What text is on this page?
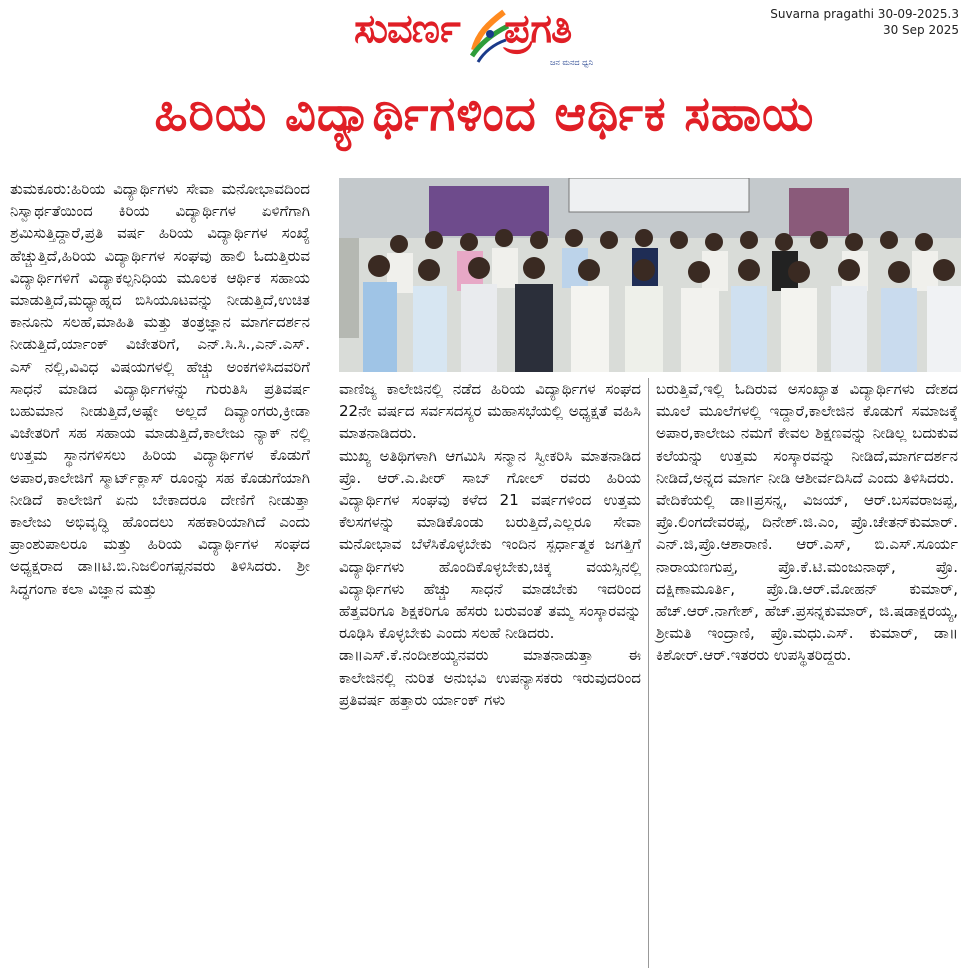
ಸುವರ್ಣ ಪ್ರಗತಿ
ಜನ ಮನದ ಧ್ವನಿ
Suvarna pragathi 30-09-2025.3
30 Sep 2025
ಹಿರಿಯ ವಿದ್ಯಾರ್ಥಿಗಳಿಂದ ಆರ್ಥಿಕ ಸಹಾಯ

ತುಮಕೂರು:ಹಿರಿಯ ವಿದ್ಯಾರ್ಥಿಗಳು ಸೇವಾ ಮನೋಭಾವದಿಂದ ನಿಸ್ವಾರ್ಥತೆಯಿಂದ ಕಿರಿಯ ವಿದ್ಯಾರ್ಥಿಗಳ ಏಳಿಗೆಗಾಗಿ ಶ್ರಮಿಸುತ್ತಿದ್ದಾರೆ,ಪ್ರತಿ ವರ್ಷ ಹಿರಿಯ ವಿದ್ಯಾರ್ಥಿಗಳ ಸಂಖ್ಯೆ ಹೆಚ್ಚುತ್ತಿದೆ,ಹಿರಿಯ ವಿದ್ಯಾರ್ಥಿಗಳ ಸಂಘವು ಹಾಲಿ ಓದುತ್ತಿರುವ ವಿದ್ಯಾರ್ಥಿಗಳಿಗೆ ವಿದ್ಯಾಕಲ್ಪನಿಧಿಯ ಮೂಲಕ ಆರ್ಥಿಕ ಸಹಾಯ ಮಾಡುತ್ತಿದೆ,ಮಧ್ಯಾಹ್ನದ ಬಿಸಿಯೂಟವನ್ನು ನೀಡುತ್ತಿದೆ,ಉಚಿತ ಕಾನೂನು ಸಲಹೆ,ಮಾಹಿತಿ ಮತ್ತು ತಂತ್ರಜ್ಞಾನ ಮಾರ್ಗದರ್ಶನ ನೀಡುತ್ತಿದೆ,ರ್ಯಾಂಕ್ ವಿಜೇತರಿಗೆ, ಎನ್.ಸಿ.ಸಿ.,ಎನ್.ಎಸ್. ಎಸ್ ನಲ್ಲಿ,ವಿವಿಧ ವಿಷಯಗಳಲ್ಲಿ ಹೆಚ್ಚು ಅಂಕಗಳಿಸಿದವರಿಗೆ ಸಾಧನೆ ಮಾಡಿದ ವಿದ್ಯಾರ್ಥಿಗಳನ್ನು ಗುರುತಿಸಿ ಪ್ರತಿವರ್ಷ ಬಹುಮಾನ ನೀಡುತ್ತಿದೆ,ಅಷ್ಟೇ ಅಲ್ಲದೆ ದಿವ್ಯಾಂಗರು,ಕ್ರೀಡಾ ವಿಜೇತರಿಗೆ ಸಹ ಸಹಾಯ ಮಾಡುತ್ತಿದೆ,ಕಾಲೇಜು ನ್ಯಾಕ್ ನಲ್ಲಿ ಉತ್ತಮ ಸ್ಥಾನಗಳಿಸಲು ಹಿರಿಯ ವಿದ್ಯಾರ್ಥಿಗಳ ಕೊಡುಗೆ ಅಪಾರ,ಕಾಲೇಜಿಗೆ ಸ್ಮಾರ್ಟ್‌ಕ್ಲಾಸ್ ರೂಂನ್ನು ಸಹ ಕೊಡುಗೆಯಾಗಿ ನೀಡಿದೆ ಕಾಲೇಜಿಗೆ ಏನು ಬೇಕಾದರೂ ದೇಣಿಗೆ ನೀಡುತ್ತಾ ಕಾಲೇಜು ಅಭಿವೃದ್ಧಿ ಹೊಂದಲು ಸಹಕಾರಿಯಾಗಿದೆ ಎಂದು ಪ್ರಾಂಶುಪಾಲರೂ ಮತ್ತು ಹಿರಿಯ ವಿದ್ಯಾರ್ಥಿಗಳ ಸಂಘದ ಅಧ್ಯಕ್ಷರಾದ ಡಾ॥ಟಿ.ಬಿ.ನಿಜಲಿಂಗಪ್ಪನವರು ತಿಳಿಸಿದರು. ಶ್ರೀ ಸಿದ್ಧಗಂಗಾ ಕಲಾ ವಿಜ್ಞಾನ ಮತ್ತು

ವಾಣಿಜ್ಯ ಕಾಲೇಜಿನಲ್ಲಿ ನಡೆದ ಹಿರಿಯ ವಿದ್ಯಾರ್ಥಿಗಳ ಸಂಘದ 22ನೇ ವರ್ಷದ ಸರ್ವಸದಸ್ಯರ ಮಹಾಸಭೆಯಲ್ಲಿ ಅಧ್ಯಕ್ಷತೆ ವಹಿಸಿ ಮಾತನಾಡಿದರು.

ಮುಖ್ಯ ಅತಿಥಿಗಳಾಗಿ ಆಗಮಿಸಿ ಸನ್ಮಾನ ಸ್ವೀಕರಿಸಿ ಮಾತನಾಡಿದ ಪ್ರೊ. ಆರ್.ಎ.ಪೀರ್ ಸಾಬ್ ಗೋಲ್ ರವರು ಹಿರಿಯ ವಿದ್ಯಾರ್ಥಿಗಳ ಸಂಘವು ಕಳೆದ 21 ವರ್ಷಗಳಿಂದ ಉತ್ತಮ ಕೆಲಸಗಳನ್ನು ಮಾಡಿಕೊಂಡು ಬರುತ್ತಿದೆ,ಎಲ್ಲರೂ ಸೇವಾ ಮನೋಭಾವ ಬೆಳೆಸಿಕೊಳ್ಳಬೇಕು ಇಂದಿನ ಸ್ಪರ್ಧಾತ್ಮಕ ಜಗತ್ತಿಗೆ ವಿದ್ಯಾರ್ಥಿಗಳು ಹೊಂದಿಕೊಳ್ಳಬೇಕು,ಚಿಕ್ಕ ವಯಸ್ಸಿನಲ್ಲಿ ವಿದ್ಯಾರ್ಥಿಗಳು ಹೆಚ್ಚು ಸಾಧನೆ ಮಾಡಬೇಕು ಇದರಿಂದ ಹೆತ್ತವರಿಗೂ ಶಿಕ್ಷಕರಿಗೂ ಹೆಸರು ಬರುವಂತೆ ತಮ್ಮ ಸಂಸ್ಕಾರವನ್ನು ರೂಢಿಸಿ ಕೊಳ್ಳಬೇಕು ಎಂದು ಸಲಹೆ ನೀಡಿದರು.

ಡಾ॥ಎಸ್.ಕೆ.ನಂದೀಶಯ್ಯನವರು ಮಾತನಾಡುತ್ತಾ ಈ ಕಾಲೇಜಿನಲ್ಲಿ ನುರಿತ ಅನುಭವಿ ಉಪನ್ಯಾಸಕರು ಇರುವುದರಿಂದ ಪ್ರತಿವರ್ಷ ಹತ್ತಾರು ರ್ಯಾಂಕ್ ಗಳು

ಬರುತ್ತಿವೆ,ಇಲ್ಲಿ ಓದಿರುವ ಅಸಂಖ್ಯಾತ ವಿದ್ಯಾರ್ಥಿಗಳು ದೇಶದ ಮೂಲೆ ಮೂಲೆಗಳಲ್ಲಿ ಇದ್ದಾರೆ,ಕಾಲೇಜಿನ ಕೊಡುಗೆ ಸಮಾಜಕ್ಕೆ ಅಪಾರ,ಕಾಲೇಜು ನಮಗೆ ಕೇವಲ ಶಿಕ್ಷಣವನ್ನು ನೀಡಿಲ್ಲ ಬದುಕುವ ಕಲೆಯನ್ನು ಉತ್ತಮ ಸಂಸ್ಕಾರವನ್ನು ನೀಡಿದೆ,ಮಾರ್ಗದರ್ಶನ ನೀಡಿದೆ,ಅನ್ನದ ಮಾರ್ಗ ನೀಡಿ ಆಶೀರ್ವದಿಸಿದೆ ಎಂದು ತಿಳಿಸಿದರು.

ವೇದಿಕೆಯಲ್ಲಿ ಡಾ॥ಪ್ರಸನ್ನ, ವಿಜಯ್, ಆರ್.ಬಸವರಾಜಪ್ಪ, ಪ್ರೊ.ಲಿಂಗದೇವರಪ್ಪ, ದಿನೇಶ್.ಜಿ.ಎಂ, ಪ್ರೊ.ಚೇತನ್‌ಕುಮಾರ್. ಎನ್.ಜಿ,ಪ್ರೊ.ಆಶಾರಾಣಿ. ಆರ್.ಎಸ್, ಬಿ.ಎಸ್.ಸೂರ್ಯ ನಾರಾಯಣಗುಪ್ತ, ಪ್ರೊ.ಕೆ.ಟಿ.ಮಂಜುನಾಥ್, ಪ್ರೊ. ದಕ್ಷಿಣಾಮೂರ್ತಿ, ಪ್ರೊ.ಡಿ.ಆರ್.ಮೋಹನ್ ಕುಮಾರ್, ಹೆಚ್.ಆರ್.ನಾಗೇಶ್, ಹೆಚ್.ಪ್ರಸನ್ನಕುಮಾರ್, ಜಿ.ಷಡಾಕ್ಷರಯ್ಯ, ಶ್ರೀಮತಿ ಇಂದ್ರಾಣಿ, ಪ್ರೊ.ಮಧು.ಎಸ್. ಕುಮಾರ್, ಡಾ॥ಕಿಶೋರ್.ಆರ್.ಇತರರು ಉಪಸ್ಥಿತರಿದ್ದರು.
